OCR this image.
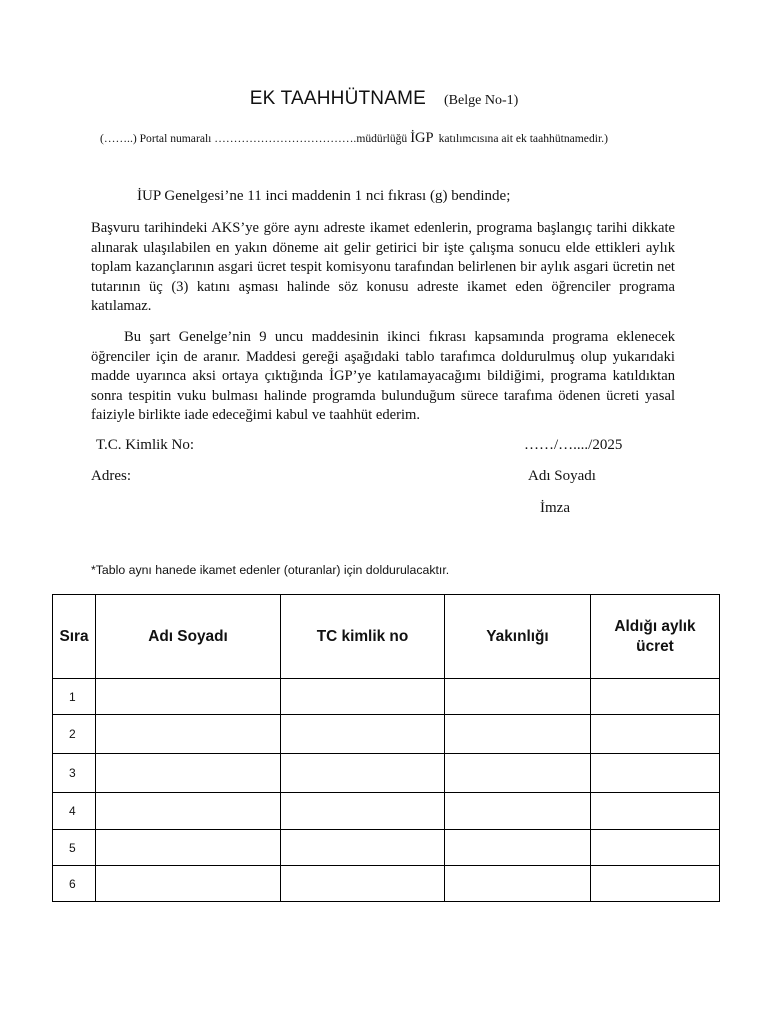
EK TAAHHÜTNAME (Belge No-1)
(……..) Portal numaralı ……………………………….müdürlüğü İGP katılımcısına ait ek taahhütnamedir.)
İUP Genelgesi’ne 11 inci maddenin 1 nci fıkrası (g) bendinde;

Başvuru tarihindeki AKS’ye göre aynı adreste ikamet edenlerin, programa başlangıç tarihi dikkate alınarak ulaşılabilen en yakın döneme ait gelir getirici bir işte çalışma sonucu elde ettikleri aylık toplam kazançlarının asgari ücret tespit komisyonu tarafından belirlenen bir aylık asgari ücretin net tutarının üç (3) katını aşması halinde söz konusu adreste ikamet eden öğrenciler programa katılamaz.

Bu şart Genelge’nin 9 uncu maddesinin ikinci fıkrası kapsamında programa eklenecek öğrenciler için de aranır. Maddesi gereği aşağıdaki tablo tarafımca doldurulmuş olup yukarıdaki madde uyarınca aksi ortaya çıktığında İGP’ye katılamayacağımı bildiğimi, programa katıldıktan sonra tespitin vuku bulması halinde programda bulunduğum sürece tarafıma ödenen ücreti yasal faiziyle birlikte iade edeceğimi kabul ve taahhüt ederim.

T.C. Kimlik No:	……/…..../2025
Adres:	Adı Soyadı
İmza
*Tablo aynı hanede ikamet edenler (oturanlar) için doldurulacaktır.
Sıra	Adı Soyadı	TC kimlik no	Yakınlığı	Aldığı aylık ücret
1				
2				
3				
4				
5				
6				
